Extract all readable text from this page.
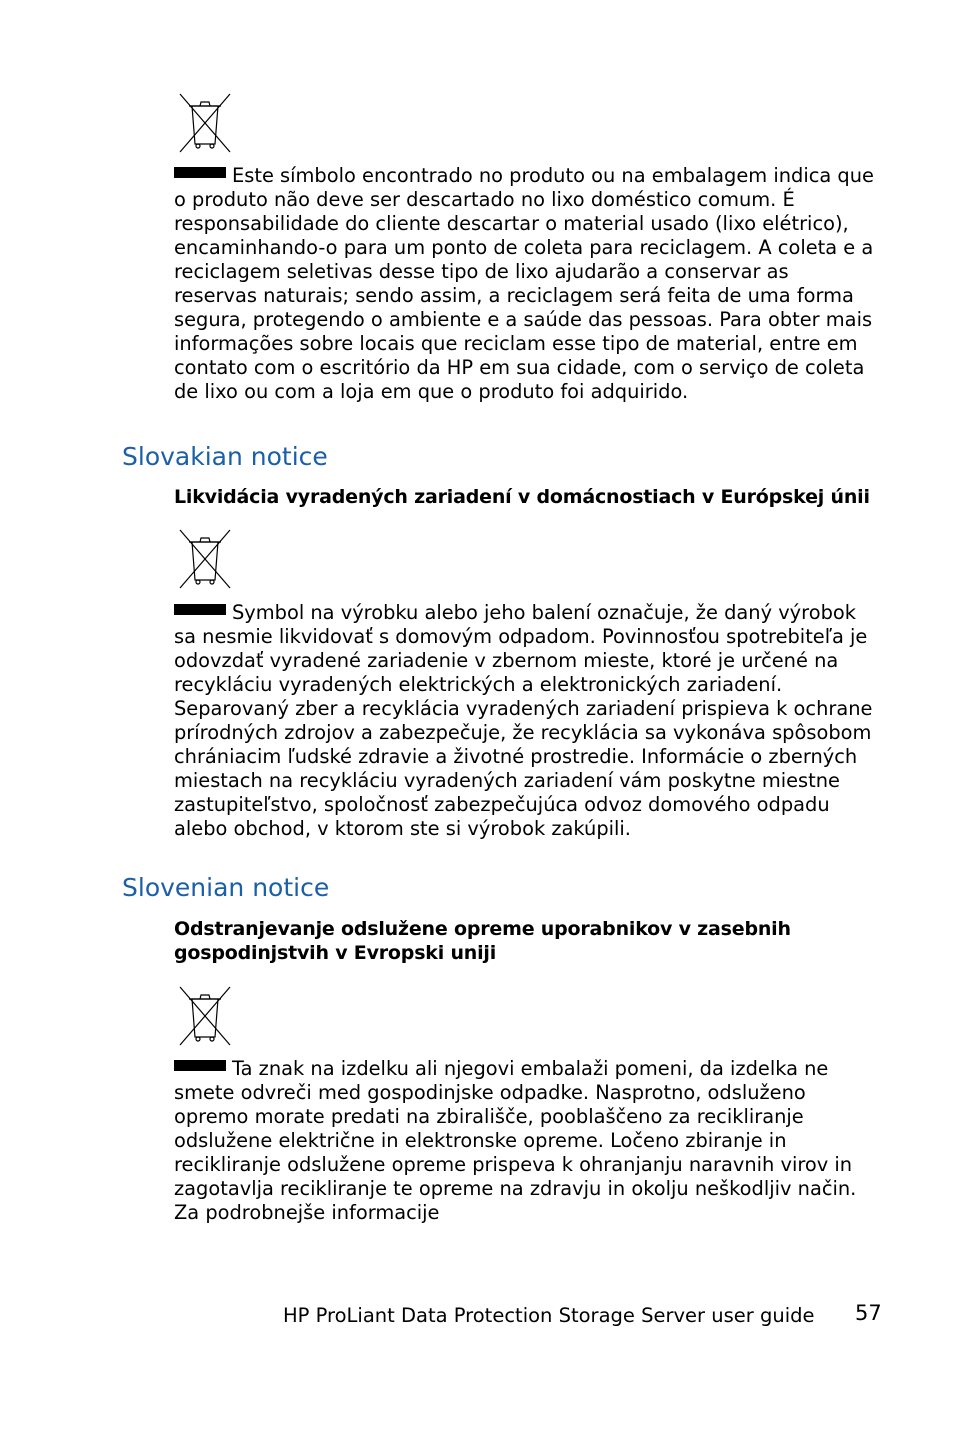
Este símbolo encontrado no produto ou na embalagem indica que o produto não deve ser descartado no lixo doméstico comum. É responsabilidade do cliente descartar o material usado (lixo elétrico), encaminhando-o para um ponto de coleta para reciclagem. A coleta e a reciclagem seletivas desse tipo de lixo ajudarão a conservar as reservas naturais; sendo assim, a reciclagem será feita de uma forma segura, protegendo o ambiente e a saúde das pessoas. Para obter mais informações sobre locais que reciclam esse tipo de material, entre em contato com o escritório da HP em sua cidade, com o serviço de coleta de lixo ou com a loja em que o produto foi adquirido.

Slovakian notice

Likvidácia vyradených zariadení v domácnostiach v Európskej únii

Symbol na výrobku alebo jeho balení označuje, že daný výrobok sa nesmie likvidovať s domovým odpadom. Povinnosťou spotrebiteľa je odovzdať vyradené zariadenie v zbernom mieste, ktoré je určené na recykláciu vyradených elektrických a elektronických zariadení. Separovaný zber a recyklácia vyradených zariadení prispieva k ochrane prírodných zdrojov a zabezpečuje, že recyklácia sa vykonáva spôsobom chrániacim ľudské zdravie a životné prostredie. Informácie o zberných miestach na recykláciu vyradených zariadení vám poskytne miestne zastupiteľstvo, spoločnosť zabezpečujúca odvoz domového odpadu alebo obchod, v ktorom ste si výrobok zakúpili.

Slovenian notice

Odstranjevanje odslužene opreme uporabnikov v zasebnih gospodinjstvih v Evropski uniji

Ta znak na izdelku ali njegovi embalaži pomeni, da izdelka ne smete odvreči med gospodinjske odpadke. Nasprotno, odsluženo opremo morate predati na zbirališče, pooblaščeno za recikliranje odslužene električne in elektronske opreme. Ločeno zbiranje in recikliranje odslužene opreme prispeva k ohranjanju naravnih virov in zagotavlja recikliranje te opreme na zdravju in okolju neškodljiv način. Za podrobnejše informacije

HP ProLiant Data Protection Storage Server user guide 57
